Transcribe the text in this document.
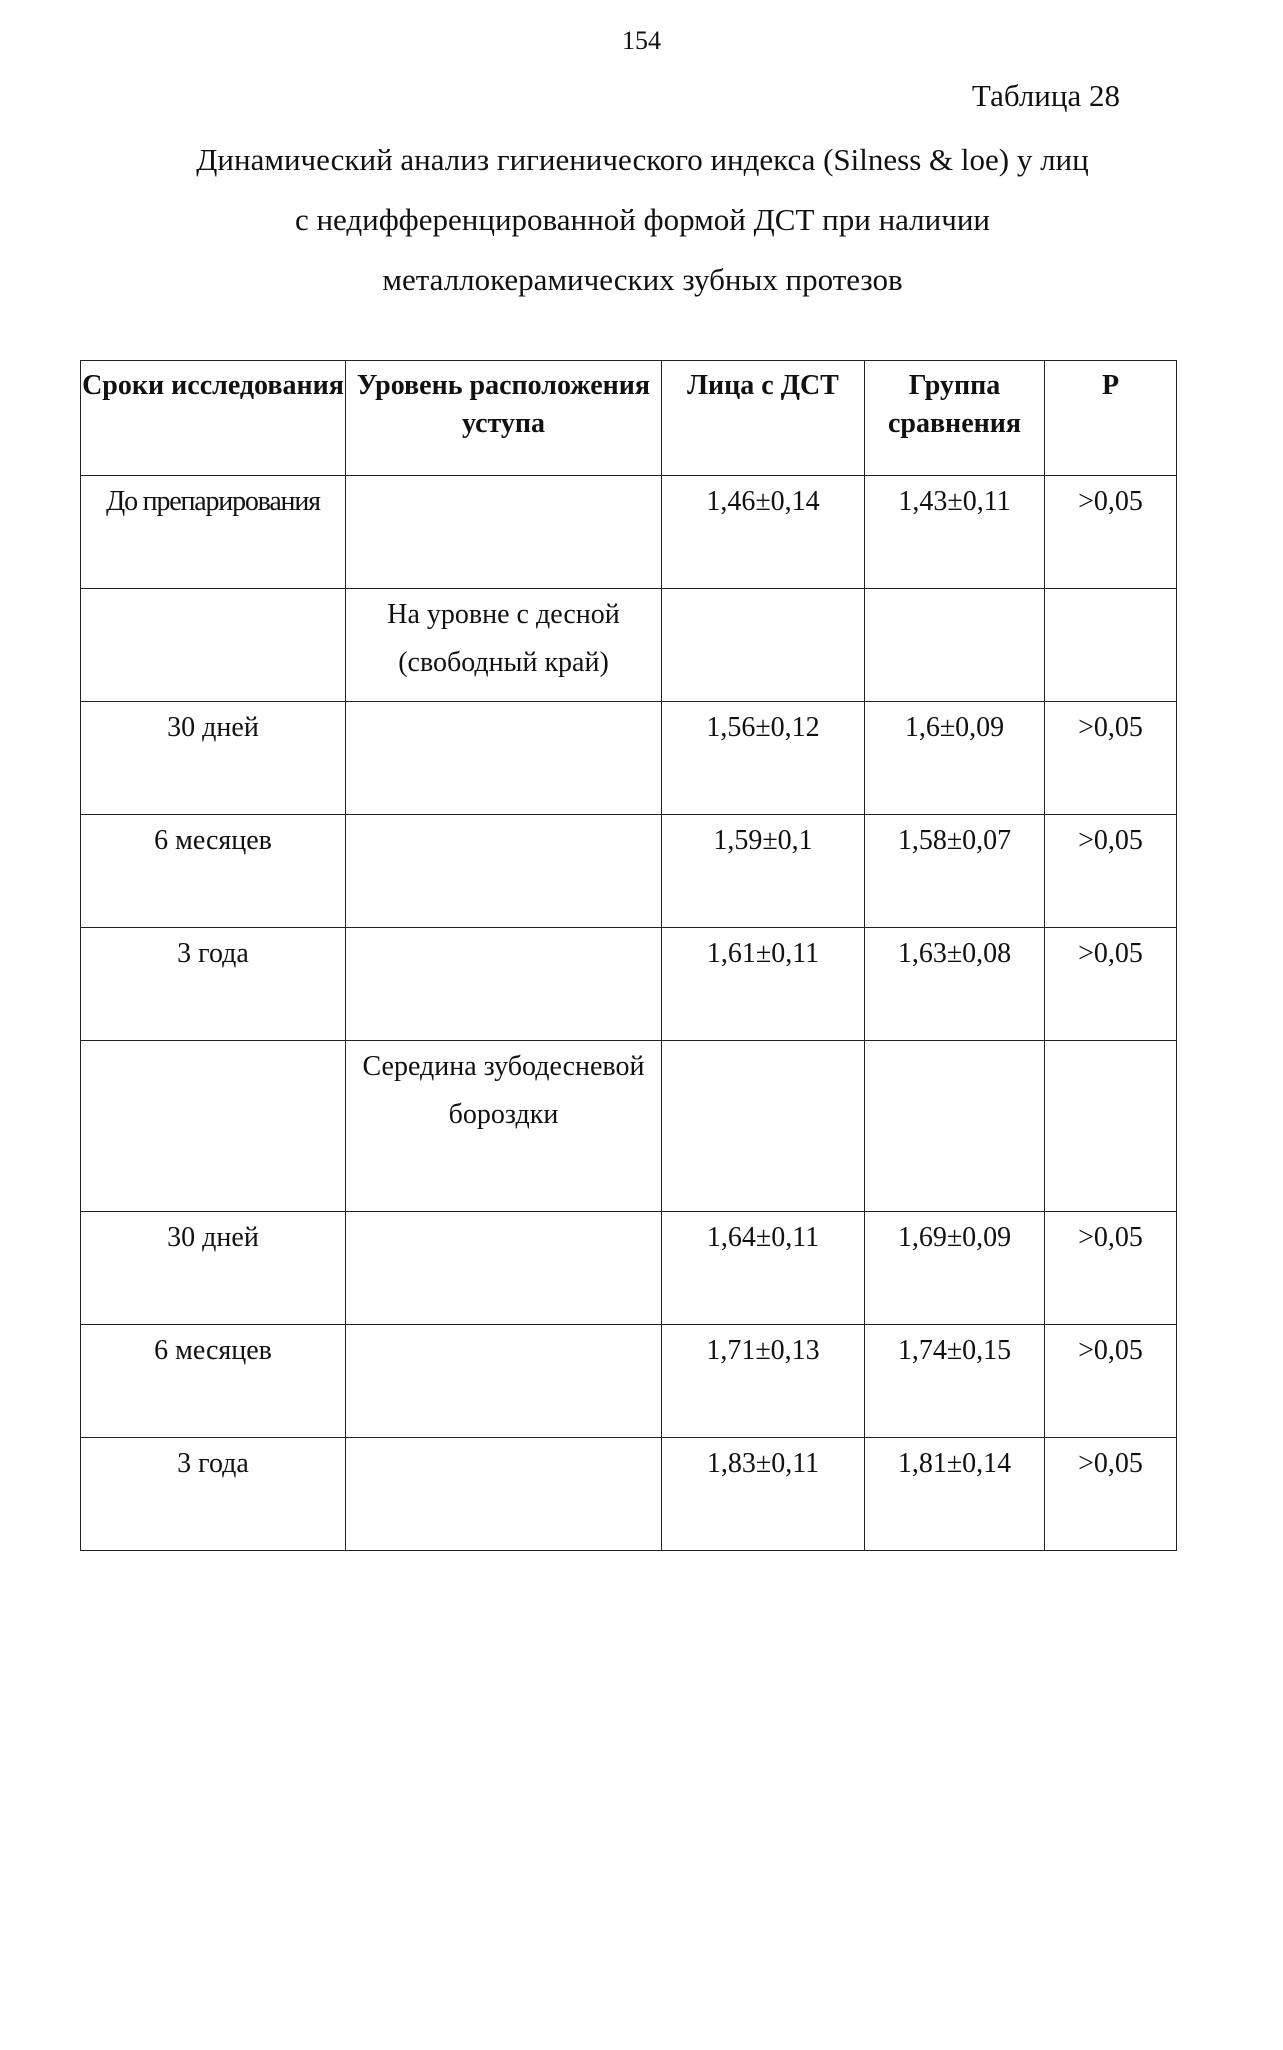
154
Таблица 28
Динамический анализ гигиенического индекса (Silness & loe) у лиц
с недифференцированной формой ДСТ при наличии
металлокерамических зубных протезов
Сроки исследования	Уровень расположения уступа	Лица с ДСТ	Группа сравнения	Р
До препарирования		1,46±0,14	1,43±0,11	>0,05
	На уровне с десной (свободный край)			
30 дней		1,56±0,12	1,6±0,09	>0,05
6 месяцев		1,59±0,1	1,58±0,07	>0,05
3 года		1,61±0,11	1,63±0,08	>0,05
	Середина зубодесневой бороздки			
30 дней		1,64±0,11	1,69±0,09	>0,05
6 месяцев		1,71±0,13	1,74±0,15	>0,05
3 года		1,83±0,11	1,81±0,14	>0,05
